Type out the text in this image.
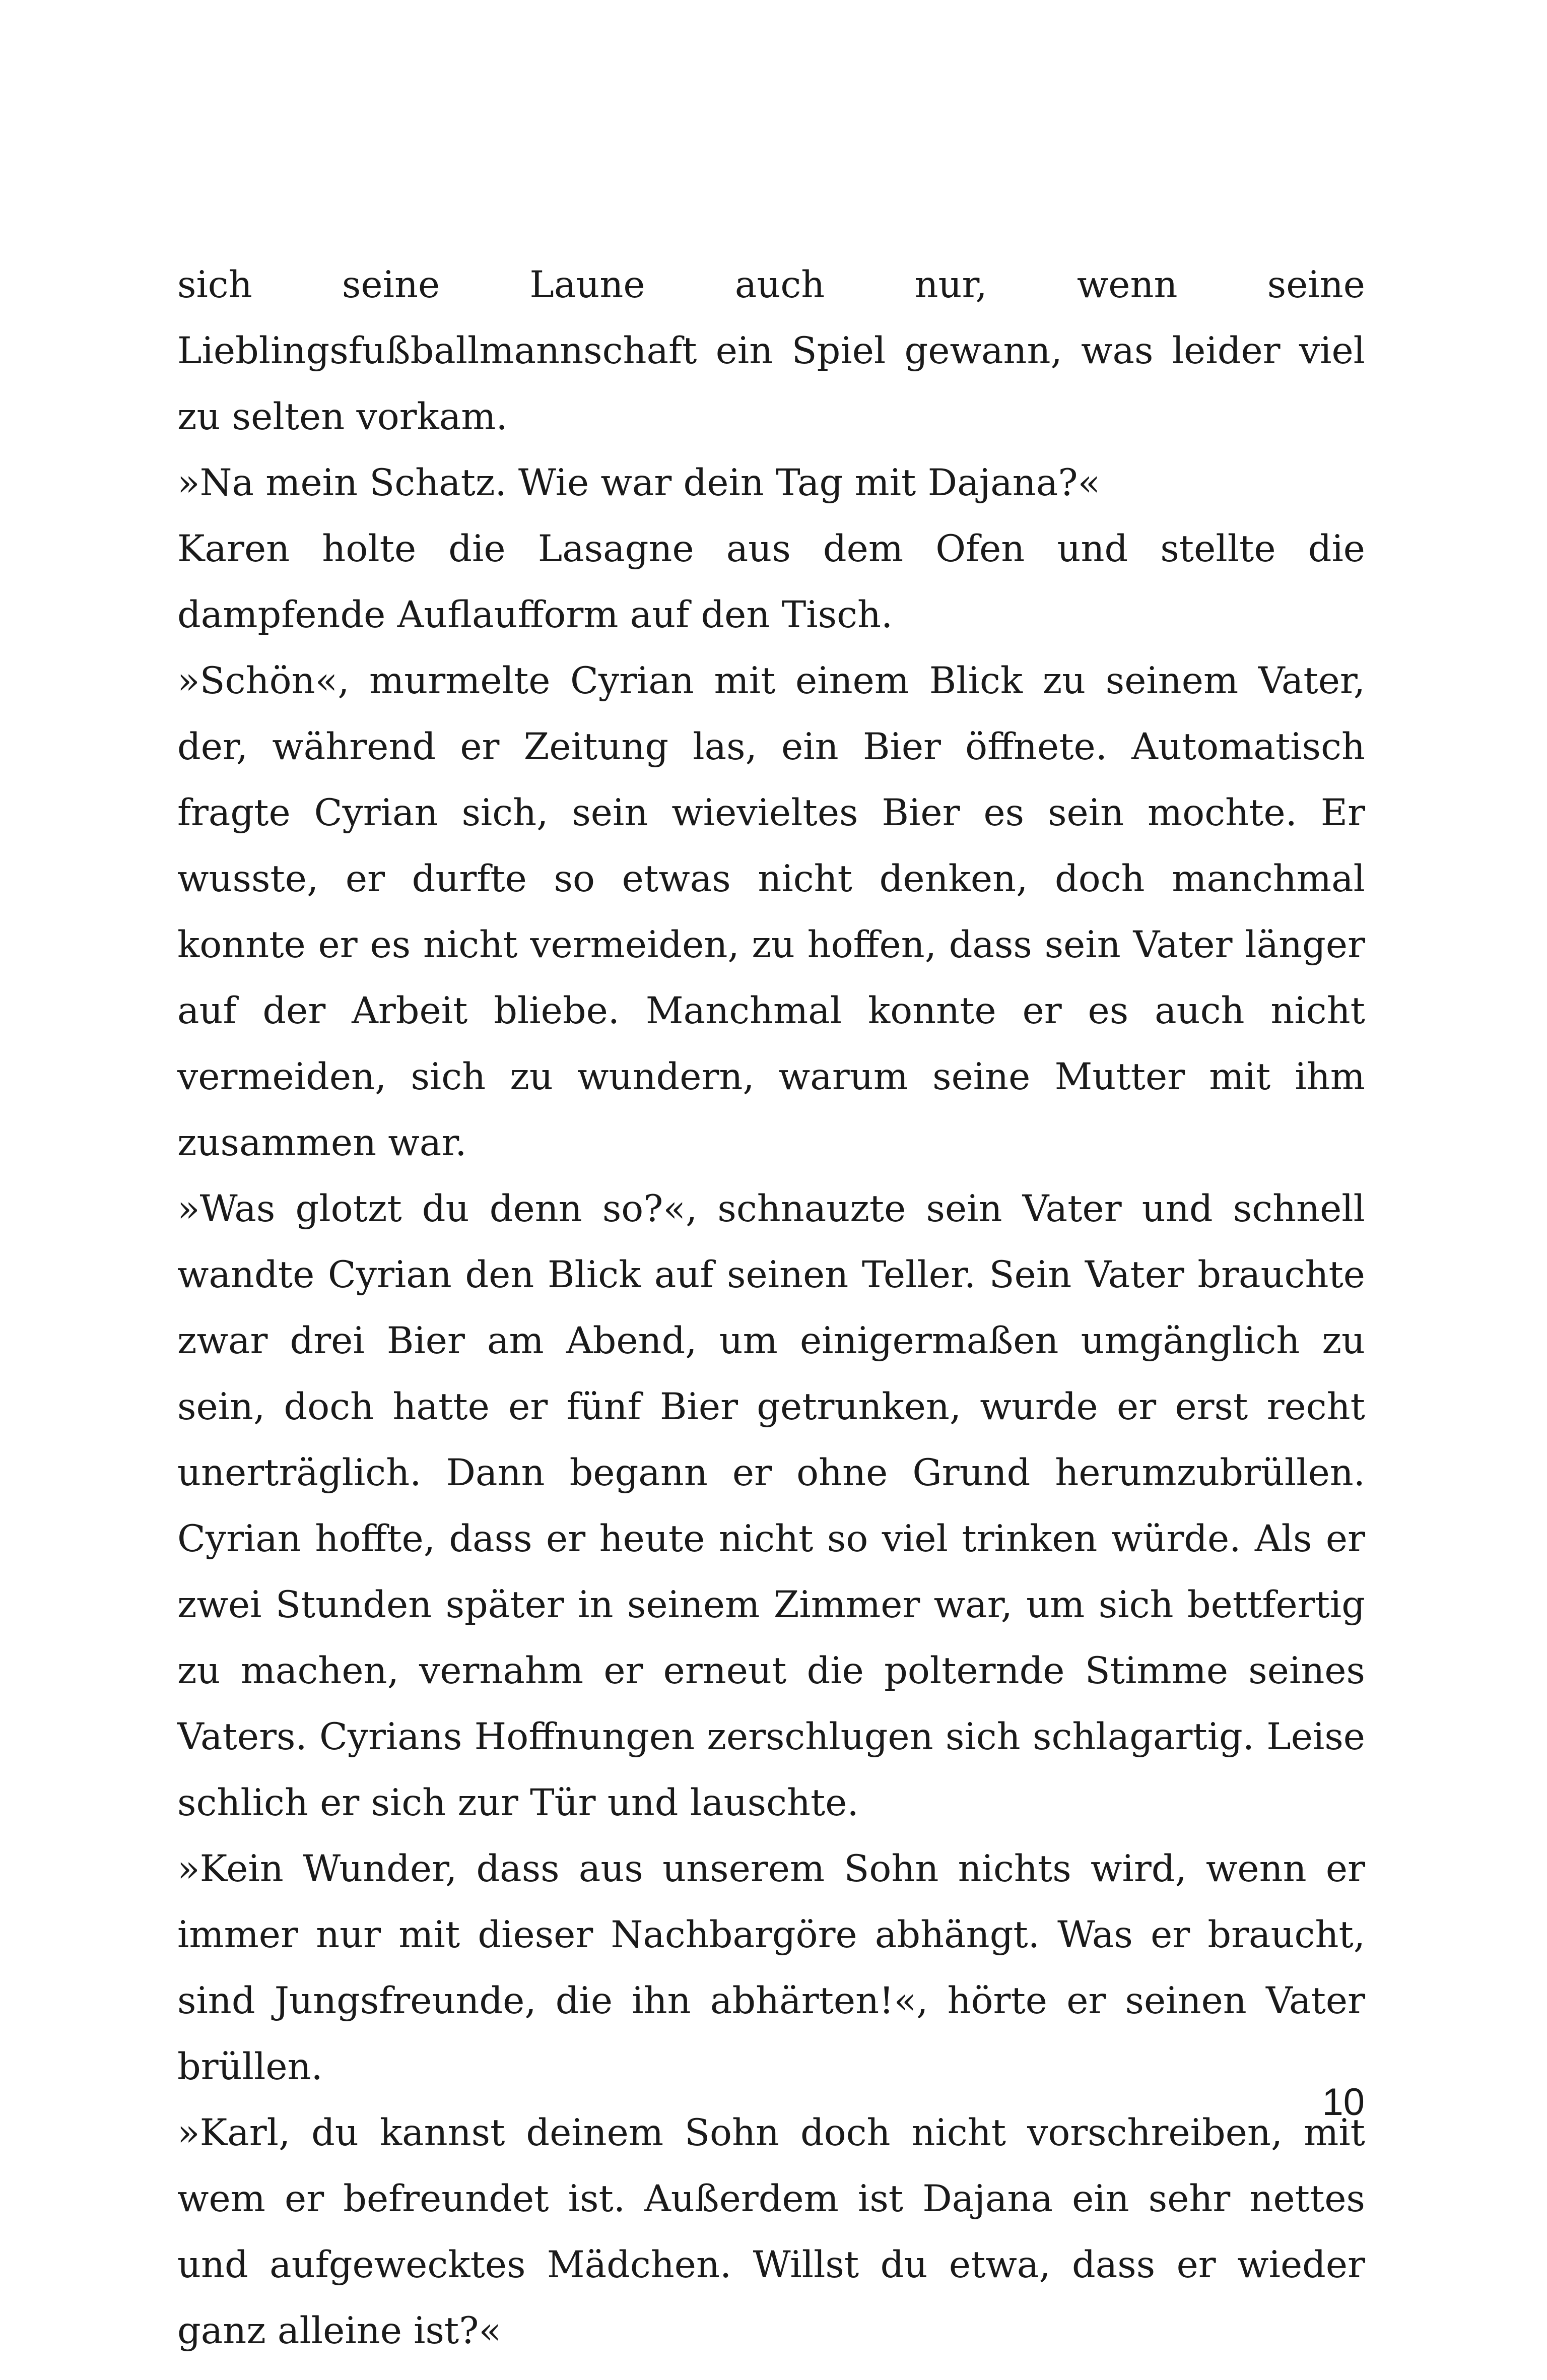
sich seine Laune auch nur, wenn seine Lieblingsfußballmannschaft ein Spiel gewann, was leider viel zu selten vorkam.

»Na mein Schatz. Wie war dein Tag mit Dajana?«

Karen holte die Lasagne aus dem Ofen und stellte die dampfende Auflaufform auf den Tisch.

»Schön«, murmelte Cyrian mit einem Blick zu seinem Vater, der, während er Zeitung las, ein Bier öffnete. Automatisch fragte Cyrian sich, sein wievieltes Bier es sein mochte. Er wusste, er durfte so etwas nicht denken, doch manchmal konnte er es nicht vermeiden, zu hoffen, dass sein Vater länger auf der Arbeit bliebe. Manchmal konnte er es auch nicht vermeiden, sich zu wundern, warum seine Mutter mit ihm zusammen war.

»Was glotzt du denn so?«, schnauzte sein Vater und schnell wandte Cyrian den Blick auf seinen Teller. Sein Vater brauchte zwar drei Bier am Abend, um einigermaßen umgänglich zu sein, doch hatte er fünf Bier getrunken, wurde er erst recht unerträglich. Dann begann er ohne Grund herumzubrüllen. Cyrian hoffte, dass er heute nicht so viel trinken würde. Als er zwei Stunden später in seinem Zimmer war, um sich bettfertig zu machen, vernahm er erneut die polternde Stimme seines Vaters. Cyrians Hoffnungen zerschlugen sich schlagartig. Leise schlich er sich zur Tür und lauschte.

»Kein Wunder, dass aus unserem Sohn nichts wird, wenn er immer nur mit dieser Nachbargöre abhängt. Was er braucht, sind Jungsfreunde, die ihn abhärten!«, hörte er seinen Vater brüllen.

»Karl, du kannst deinem Sohn doch nicht vorschreiben, mit wem er befreundet ist. Außerdem ist Dajana ein sehr nettes und aufgewecktes Mädchen. Willst du etwa, dass er wieder ganz alleine ist?«

10
